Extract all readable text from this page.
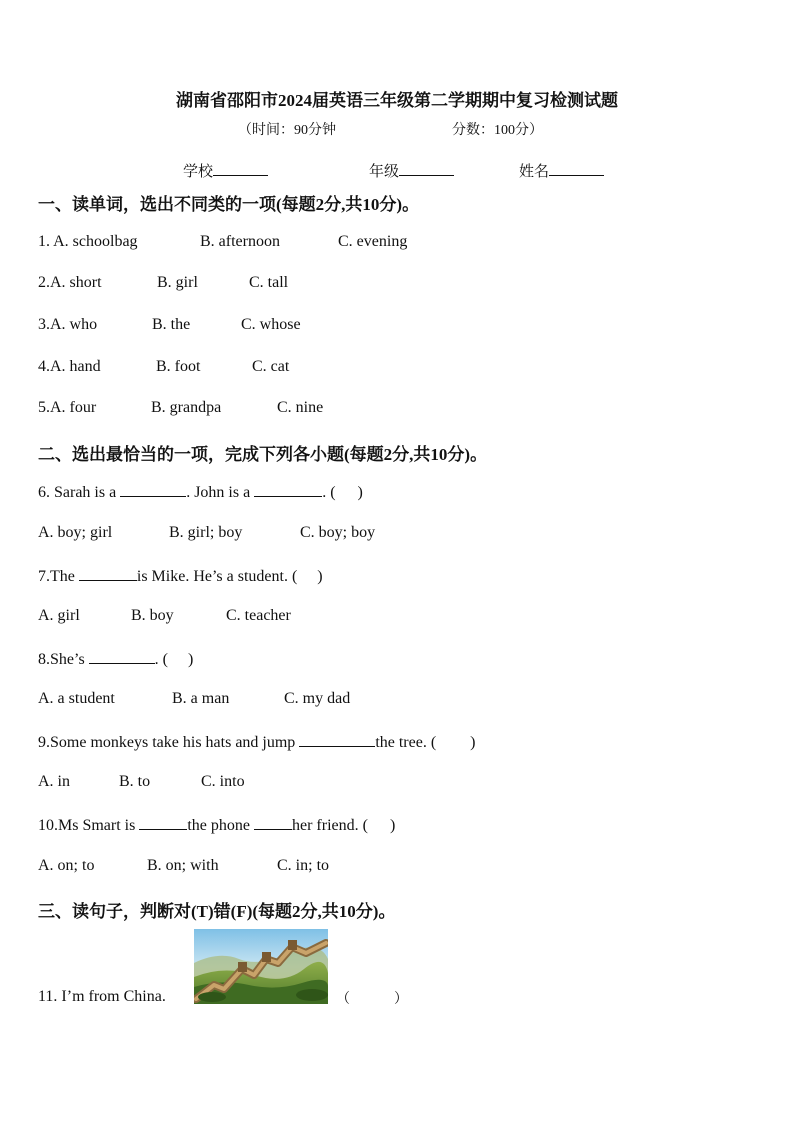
湖南省邵阳市2024届英语三年级第二学期期中复习检测试题
（时间：90分钟	分数：100分）
学校	年级	姓名
一、读单词，选出不同类的一项(每题2分,共10分)。
1. A. schoolbag	B. afternoon	C. evening
2.A. short	B. girl	C. tall
3.A. who	B. the	C. whose
4.A. hand	B. foot	C. cat
5.A. four	B. grandpa	C. nine
二、选出最恰当的一项，完成下列各小题(每题2分,共10分)。
6. Sarah is a	. John is a	. ( )
A. boy; girl	B. girl; boy	C. boy; boy
7.The	is Mike. He’s a student. ( )
A. girl	B. boy	C. teacher
8.She’s	. ( )
A. a student	B. a man	C. my dad
9.Some monkeys take his hats and jump	the tree. ( )
A. in	B. to	C. into
10.Ms Smart is	the phone	her friend. ( )
A. on; to	B. on; with	C. in; to
三、读句子，判断对(T)错(F)(每题2分,共10分)。
11. I’m from China.	（	）
